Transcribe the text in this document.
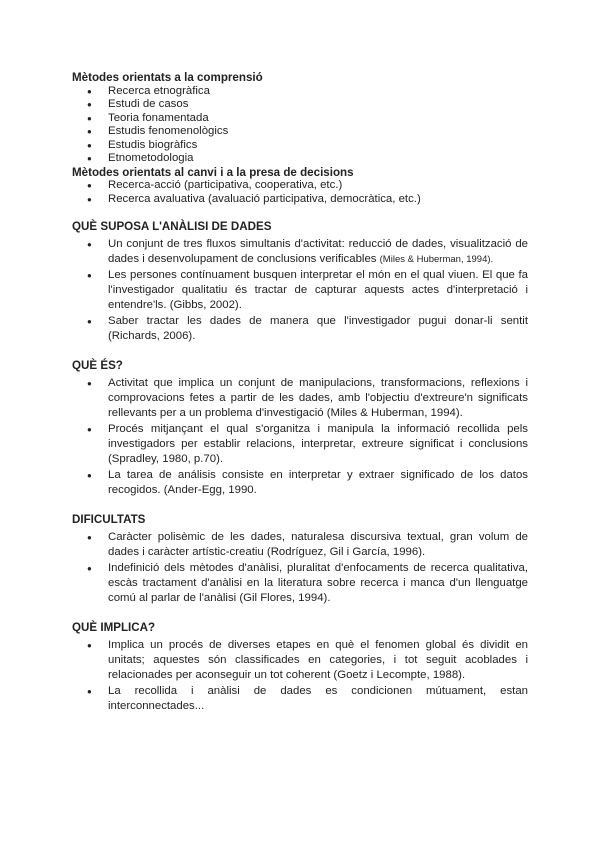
Mètodes orientats a la comprensió

● Recerca etnogràfica
● Estudi de casos
● Teoria fonamentada
● Estudis fenomenològics
● Estudis biogràfics
● Etnometodologia

Mètodes orientats al canvi i a la presa de decisions

● Recerca-acció (participativa, cooperativa, etc.)
● Recerca avaluativa (avaluació participativa, democràtica, etc.)

QUÈ SUPOSA L'ANÀLISI DE DADES

● Un conjunt de tres fluxos simultanis d'activitat: reducció de dades, visualització de dades i desenvolupament de conclusions verificables (Miles & Huberman, 1994).
● Les persones contínuament busquen interpretar el món en el qual viuen. El que fa l'investigador qualitatiu és tractar de capturar aquests actes d'interpretació i entendre'ls. (Gibbs, 2002).
● Saber tractar les dades de manera que l'investigador pugui donar-li sentit (Richards, 2006).

QUÈ ÉS?

● Activitat que implica un conjunt de manipulacions, transformacions, reflexions i comprovacions fetes a partir de les dades, amb l'objectiu d'extreure'n significats rellevants per a un problema d'investigació (Miles & Huberman, 1994).
● Procés mitjançant el qual s'organitza i manipula la informació recollida pels investigadors per establir relacions, interpretar, extreure significat i conclusions (Spradley, 1980, p.70).
● La tarea de análisis consiste en interpretar y extraer significado de los datos recogidos. (Ander-Egg, 1990.

DIFICULTATS

● Caràcter polisèmic de les dades, naturalesa discursiva textual, gran volum de dades i caràcter artístic-creatiu (Rodríguez, Gil i García, 1996).
● Indefinició dels mètodes d'anàlisi, pluralitat d'enfocaments de recerca qualitativa, escàs tractament d'anàlisi en la literatura sobre recerca i manca d'un llenguatge comú al parlar de l'anàlisi (Gil Flores, 1994).

QUÈ IMPLICA?

● Implica un procés de diverses etapes en què el fenomen global és dividit en unitats; aquestes són classificades en categories, i tot seguit acoblades i relacionades per aconseguir un tot coherent (Goetz i Lecompte, 1988).
● La recollida i anàlisi de dades es condicionen mútuament, estan interconnectades...
